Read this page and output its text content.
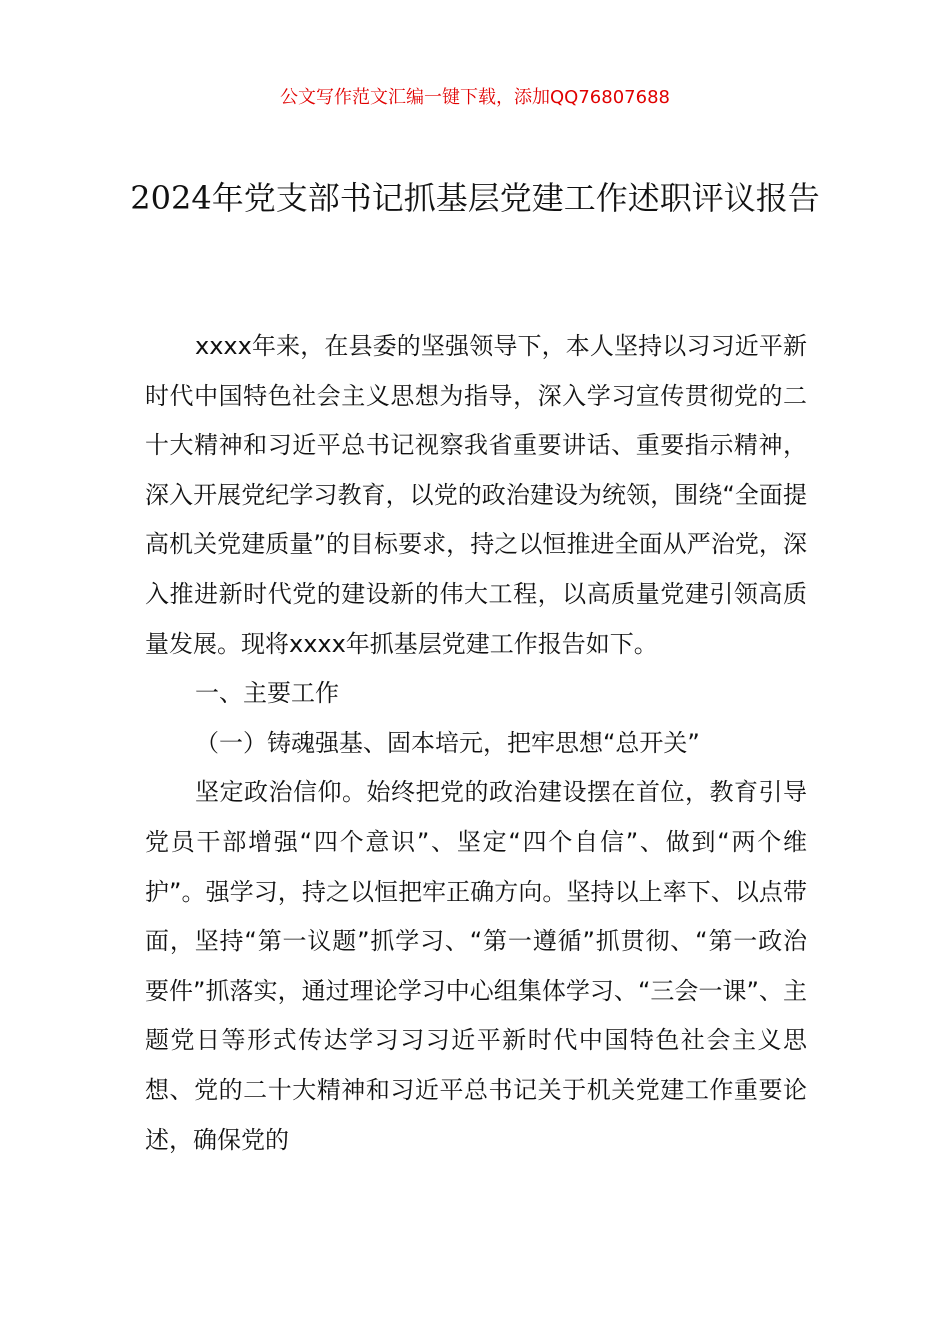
公文写作范文汇编一键下载，添加QQ76807688
2024年党支部书记抓基层党建工作述职评议报告

xxxx年来，在县委的坚强领导下，本人坚持以习习近平新时代中国特色社会主义思想为指导，深入学习宣传贯彻党的二十大精神和习近平总书记视察我省重要讲话、重要指示精神，深入开展党纪学习教育，以党的政治建设为统领，围绕“全面提高机关党建质量”的目标要求，持之以恒推进全面从严治党，深入推进新时代党的建设新的伟大工程，以高质量党建引领高质量发展。现将xxxx年抓基层党建工作报告如下。

一、主要工作

（一）铸魂强基、固本培元，把牢思想“总开关”

坚定政治信仰。始终把党的政治建设摆在首位，教育引导党员干部增强“四个意识”、坚定“四个自信”、做到“两个维护”。强学习，持之以恒把牢正确方向。坚持以上率下、以点带面，坚持“第一议题”抓学习、“第一遵循”抓贯彻、“第一政治要件”抓落实，通过理论学习中心组集体学习、“三会一课”、主题党日等形式传达学习习习近平新时代中国特色社会主义思想、党的二十大精神和习近平总书记关于机关党建工作重要论述，确保党的
